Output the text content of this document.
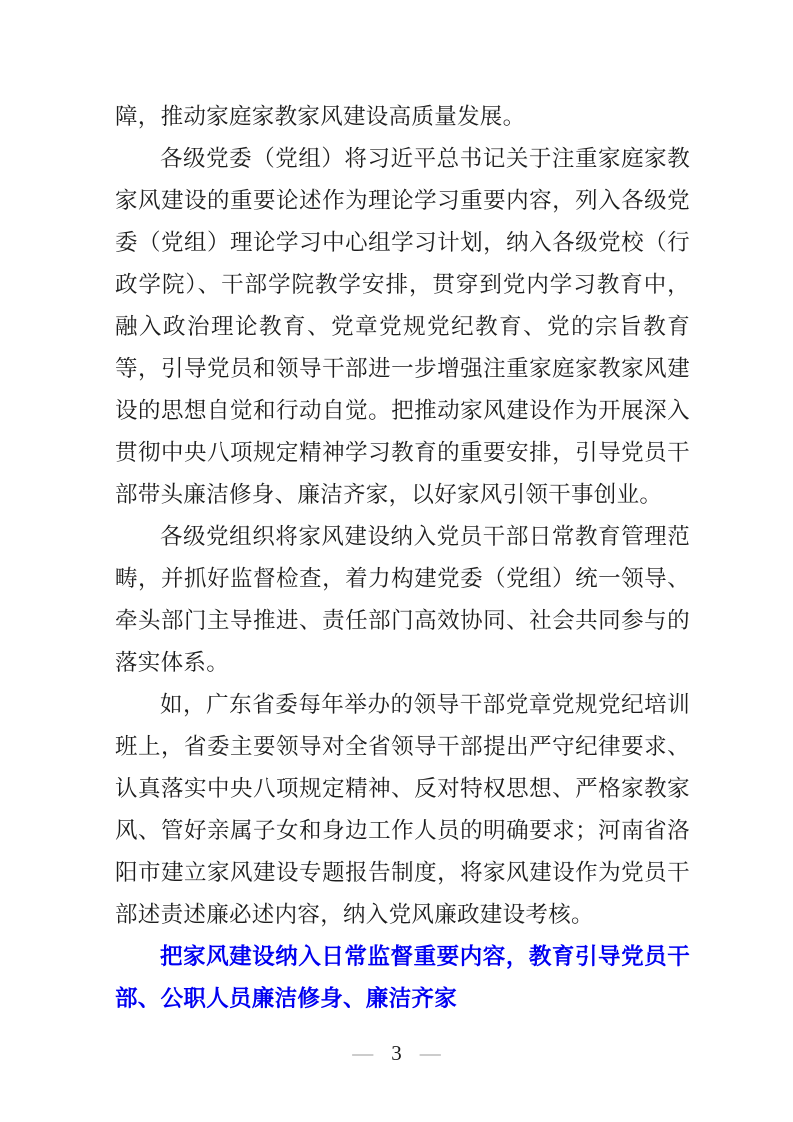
障，推动家庭家教家风建设高质量发展。

各级党委（党组）将习近平总书记关于注重家庭家教家风建设的重要论述作为理论学习重要内容，列入各级党委（党组）理论学习中心组学习计划，纳入各级党校（行政学院）、干部学院教学安排，贯穿到党内学习教育中，融入政治理论教育、党章党规党纪教育、党的宗旨教育等，引导党员和领导干部进一步增强注重家庭家教家风建设的思想自觉和行动自觉。把推动家风建设作为开展深入贯彻中央八项规定精神学习教育的重要安排，引导党员干部带头廉洁修身、廉洁齐家，以好家风引领干事创业。

各级党组织将家风建设纳入党员干部日常教育管理范畴，并抓好监督检查，着力构建党委（党组）统一领导、牵头部门主导推进、责任部门高效协同、社会共同参与的落实体系。

如，广东省委每年举办的领导干部党章党规党纪培训班上，省委主要领导对全省领导干部提出严守纪律要求、认真落实中央八项规定精神、反对特权思想、严格家教家风、管好亲属子女和身边工作人员的明确要求；河南省洛阳市建立家风建设专题报告制度，将家风建设作为党员干部述责述廉必述内容，纳入党风廉政建设考核。

把家风建设纳入日常监督重要内容，教育引导党员干部、公职人员廉洁修身、廉洁齐家

— 3 —
